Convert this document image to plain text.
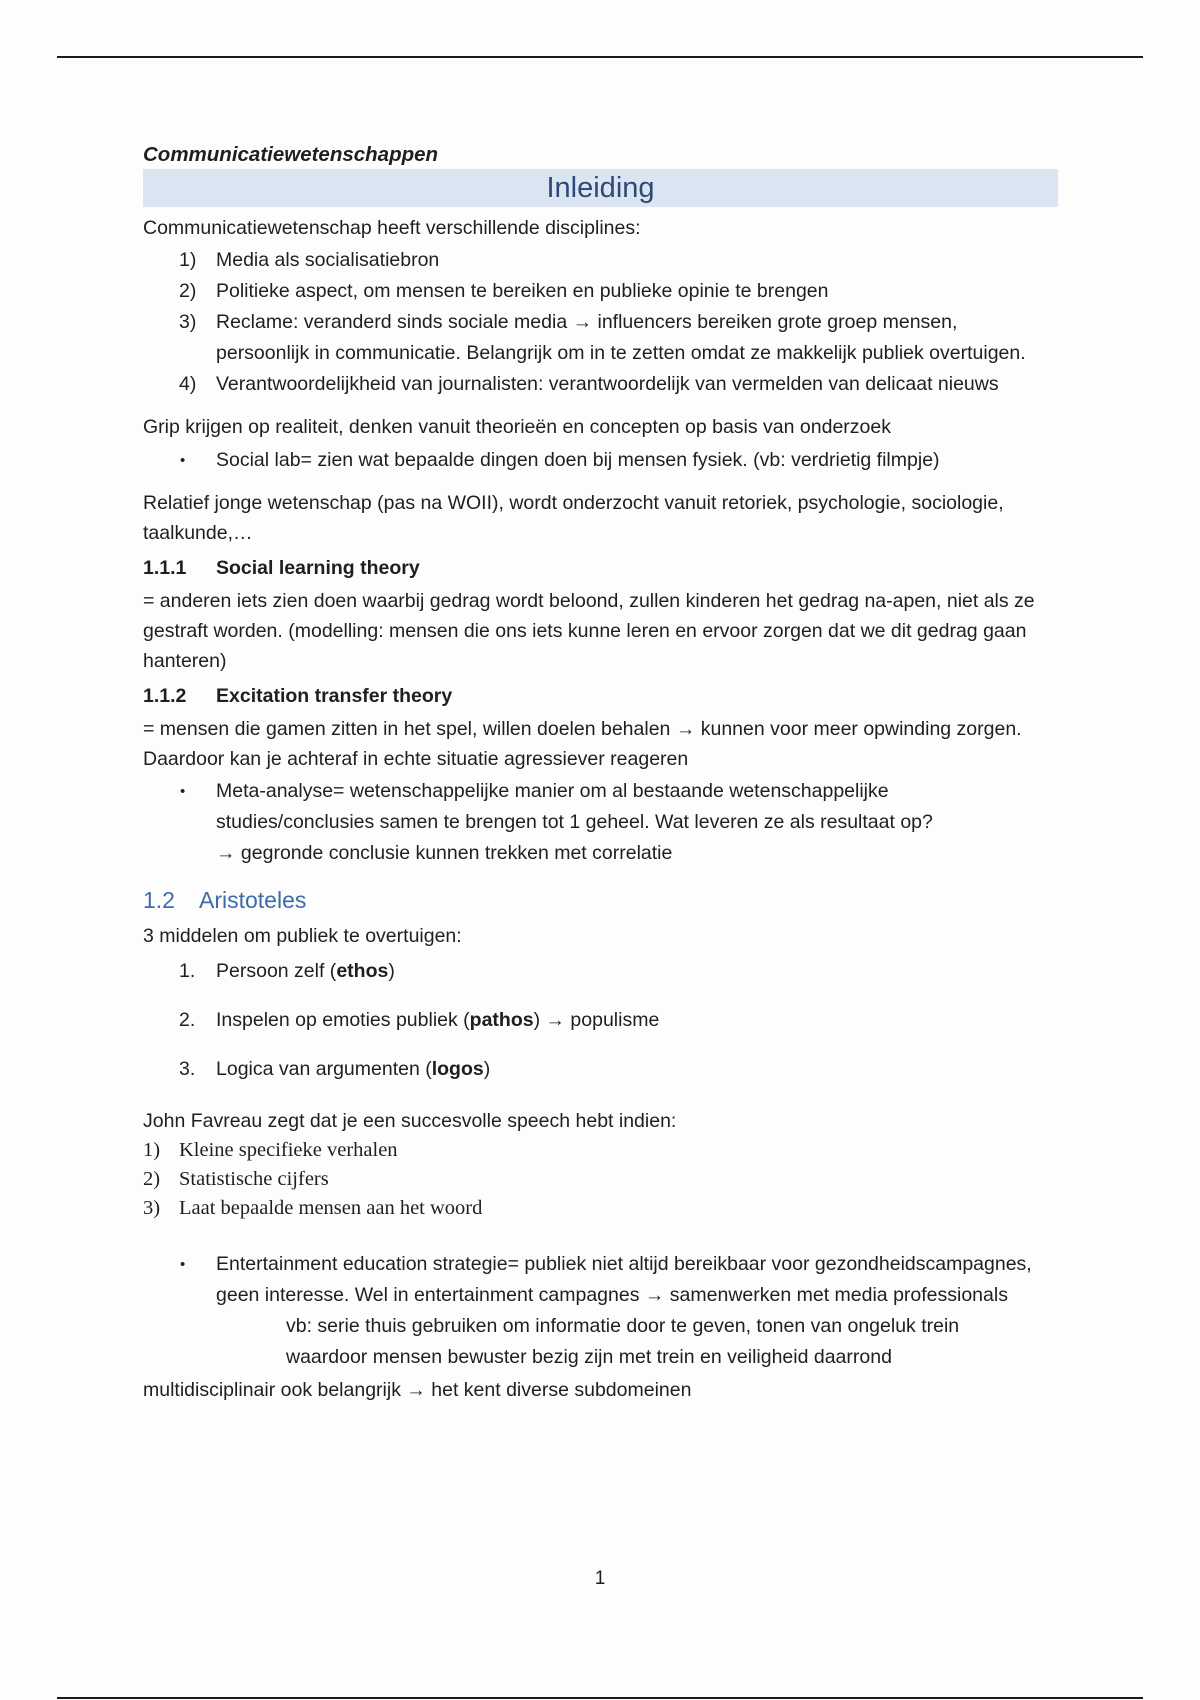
Communicatiewetenschappen
Inleiding

Communicatiewetenschap heeft verschillende disciplines:

1) Media als socialisatiebron
2) Politieke aspect, om mensen te bereiken en publieke opinie te brengen
3) Reclame: veranderd sinds sociale media → influencers bereiken grote groep mensen, persoonlijk in communicatie. Belangrijk om in te zetten omdat ze makkelijk publiek overtuigen.
4) Verantwoordelijkheid van journalisten: verantwoordelijk van vermelden van delicaat nieuws

Grip krijgen op realiteit, denken vanuit theorieën en concepten op basis van onderzoek

• Social lab= zien wat bepaalde dingen doen bij mensen fysiek. (vb: verdrietig filmpje)

Relatief jonge wetenschap (pas na WOII), wordt onderzocht vanuit retoriek, psychologie, sociologie, taalkunde,…

1.1.1 Social learning theory

= anderen iets zien doen waarbij gedrag wordt beloond, zullen kinderen het gedrag na-apen, niet als ze gestraft worden. (modelling: mensen die ons iets kunne leren en ervoor zorgen dat we dit gedrag gaan hanteren)

1.1.2 Excitation transfer theory

= mensen die gamen zitten in het spel, willen doelen behalen → kunnen voor meer opwinding zorgen. Daardoor kan je achteraf in echte situatie agressiever reageren

• Meta-analyse= wetenschappelijke manier om al bestaande wetenschappelijke studies/conclusies samen te brengen tot 1 geheel. Wat leveren ze als resultaat op?
→ gegronde conclusie kunnen trekken met correlatie
1.2 Aristoteles

3 middelen om publiek te overtuigen:

1. Persoon zelf (ethos)
2. Inspelen op emoties publiek (pathos) → populisme
3. Logica van argumenten (logos)

John Favreau zegt dat je een succesvolle speech hebt indien:

1) Kleine specifieke verhalen
2) Statistische cijfers
3) Laat bepaalde mensen aan het woord
• Entertainment education strategie= publiek niet altijd bereikbaar voor gezondheidscampagnes, geen interesse. Wel in entertainment campagnes → samenwerken met media professionals
vb: serie thuis gebruiken om informatie door te geven, tonen van ongeluk trein waardoor mensen bewuster bezig zijn met trein en veiligheid daarrond

multidisciplinair ook belangrijk → het kent diverse subdomeinen

1
